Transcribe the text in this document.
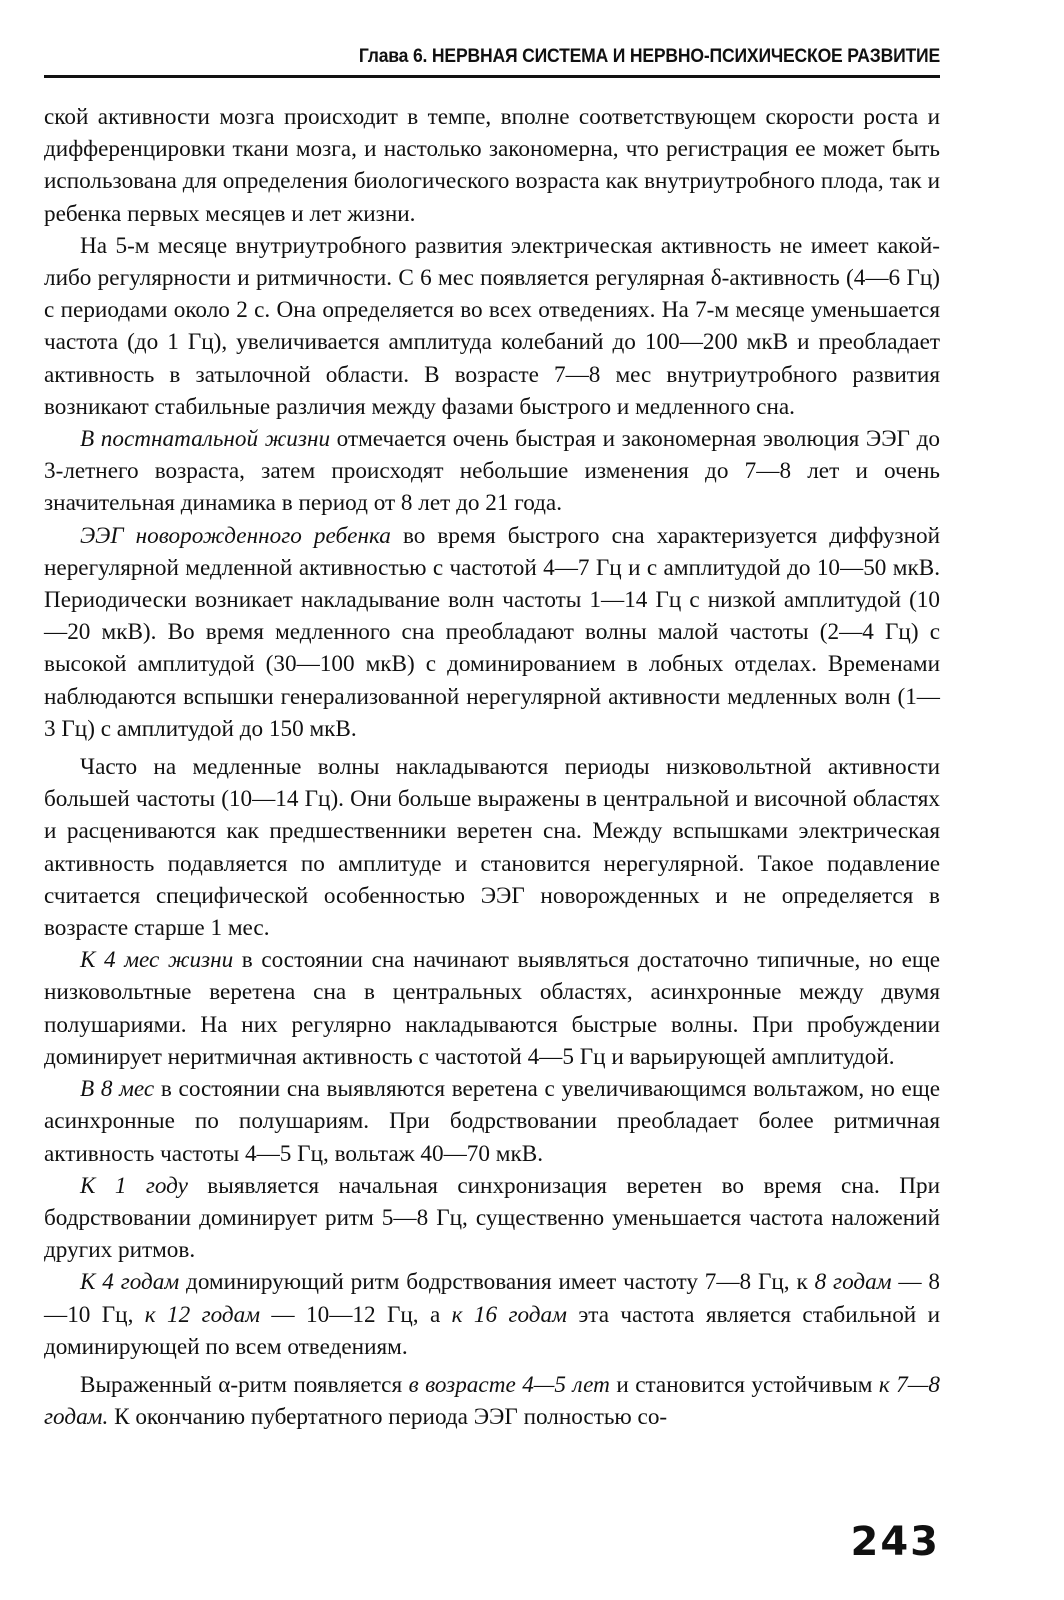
Глава 6. НЕРВНАЯ СИСТЕМА И НЕРВНО-ПСИХИЧЕСКОЕ РАЗВИТИЕ

ской активности мозга происходит в темпе, вполне соответствующем скорости роста и дифференцировки ткани мозга, и настолько закономерна, что регистрация ее может быть использована для определения биологического возраста как внутриутробного плода, так и ребенка первых месяцев и лет жизни.

На 5-м месяце внутриутробного развития электрическая активность не имеет какой-либо регулярности и ритмичности. С 6 мес появляется регулярная δ-активность (4—6 Гц) с периодами около 2 с. Она определяется во всех отведениях. На 7-м месяце уменьшается частота (до 1 Гц), увеличивается амплитуда колебаний до 100—200 мкВ и преобладает активность в затылочной области. В возрасте 7—8 мес внутриутробного развития возникают стабильные различия между фазами быстрого и медленного сна.

В постнатальной жизни отмечается очень быстрая и закономерная эволюция ЭЭГ до 3-летнего возраста, затем происходят небольшие изменения до 7—8 лет и очень значительная динамика в период от 8 лет до 21 года.

ЭЭГ новорожденного ребенка во время быстрого сна характеризуется диффузной нерегулярной медленной активностью с частотой 4—7 Гц и с амплитудой до 10—50 мкВ. Периодически возникает накладывание волн частоты 1—14 Гц с низкой амплитудой (10—20 мкВ). Во время медленного сна преобладают волны малой частоты (2—4 Гц) с высокой амплитудой (30—100 мкВ) с доминированием в лобных отделах. Временами наблюдаются вспышки генерализованной нерегулярной активности медленных волн (1—3 Гц) с амплитудой до 150 мкВ.

Часто на медленные волны накладываются периоды низковольтной активности большей частоты (10—14 Гц). Они больше выражены в центральной и височной областях и расцениваются как предшественники веретен сна. Между вспышками электрическая активность подавляется по амплитуде и становится нерегулярной. Такое подавление считается специфической особенностью ЭЭГ новорожденных и не определяется в возрасте старше 1 мес.

К 4 мес жизни в состоянии сна начинают выявляться достаточно типичные, но еще низковольтные веретена сна в центральных областях, асинхронные между двумя полушариями. На них регулярно накладываются быстрые волны. При пробуждении доминирует неритмичная активность с частотой 4—5 Гц и варьирующей амплитудой.

В 8 мес в состоянии сна выявляются веретена с увеличивающимся вольтажом, но еще асинхронные по полушариям. При бодрствовании преобладает более ритмичная активность частоты 4—5 Гц, вольтаж 40—70 мкВ.

К 1 году выявляется начальная синхронизация веретен во время сна. При бодрствовании доминирует ритм 5—8 Гц, существенно уменьшается частота наложений других ритмов.

К 4 годам доминирующий ритм бодрствования имеет частоту 7—8 Гц, к 8 годам — 8—10 Гц, к 12 годам — 10—12 Гц, а к 16 годам эта частота является стабильной и доминирующей по всем отведениям.

Выраженный α-ритм появляется в возрасте 4—5 лет и становится устойчивым к 7—8 годам. К окончанию пубертатного периода ЭЭГ полностью со-

243
